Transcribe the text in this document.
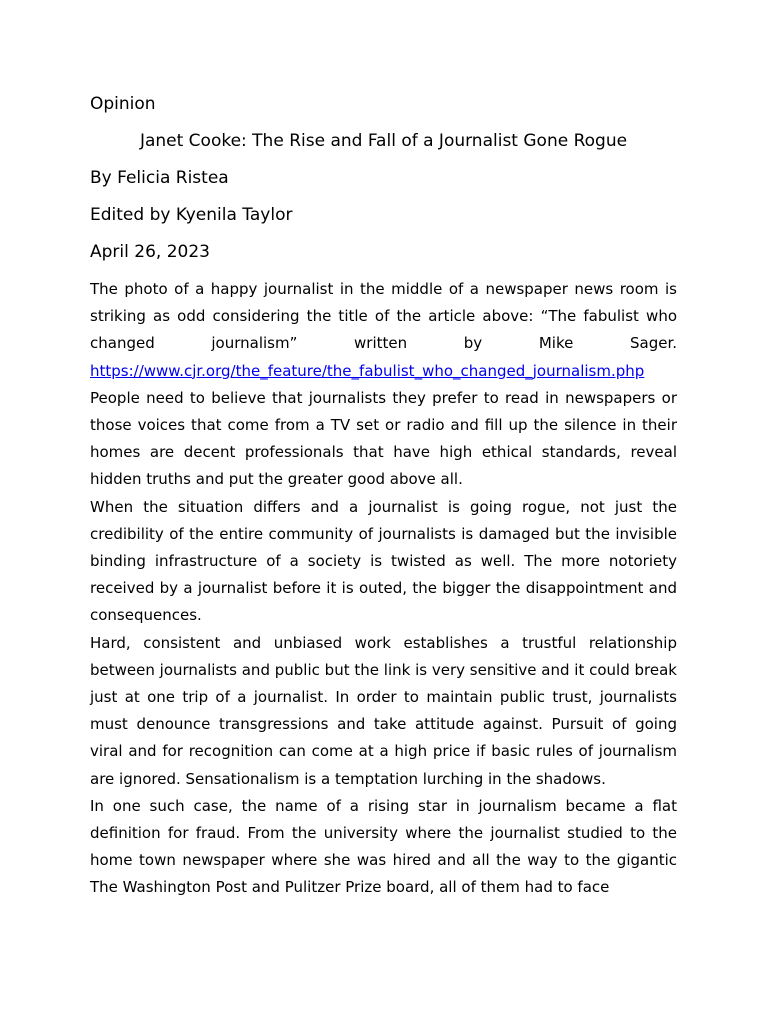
Opinion
Janet Cooke: The Rise and Fall of a Journalist Gone Rogue
By Felicia Ristea
Edited by Kyenila Taylor
April 26, 2023

The photo of a happy journalist in the middle of a newspaper news room is striking as odd considering the title of the article above: “The fabulist who changed journalism” written by Mike Sager. https://www.cjr.org/the_feature/the_fabulist_who_changed_journalism.php

People need to believe that journalists they prefer to read in newspapers or those voices that come from a TV set or radio and fill up the silence in their homes are decent professionals that have high ethical standards, reveal hidden truths and put the greater good above all.

When the situation differs and a journalist is going rogue, not just the credibility of the entire community of journalists is damaged but the invisible binding infrastructure of a society is twisted as well. The more notoriety received by a journalist before it is outed, the bigger the disappointment and consequences.

Hard, consistent and unbiased work establishes a trustful relationship between journalists and public but the link is very sensitive and it could break just at one trip of a journalist. In order to maintain public trust, journalists must denounce transgressions and take attitude against. Pursuit of going viral and for recognition can come at a high price if basic rules of journalism are ignored. Sensationalism is a temptation lurching in the shadows.

In one such case, the name of a rising star in journalism became a flat definition for fraud. From the university where the journalist studied to the home town newspaper where she was hired and all the way to the gigantic The Washington Post and Pulitzer Prize board, all of them had to face
